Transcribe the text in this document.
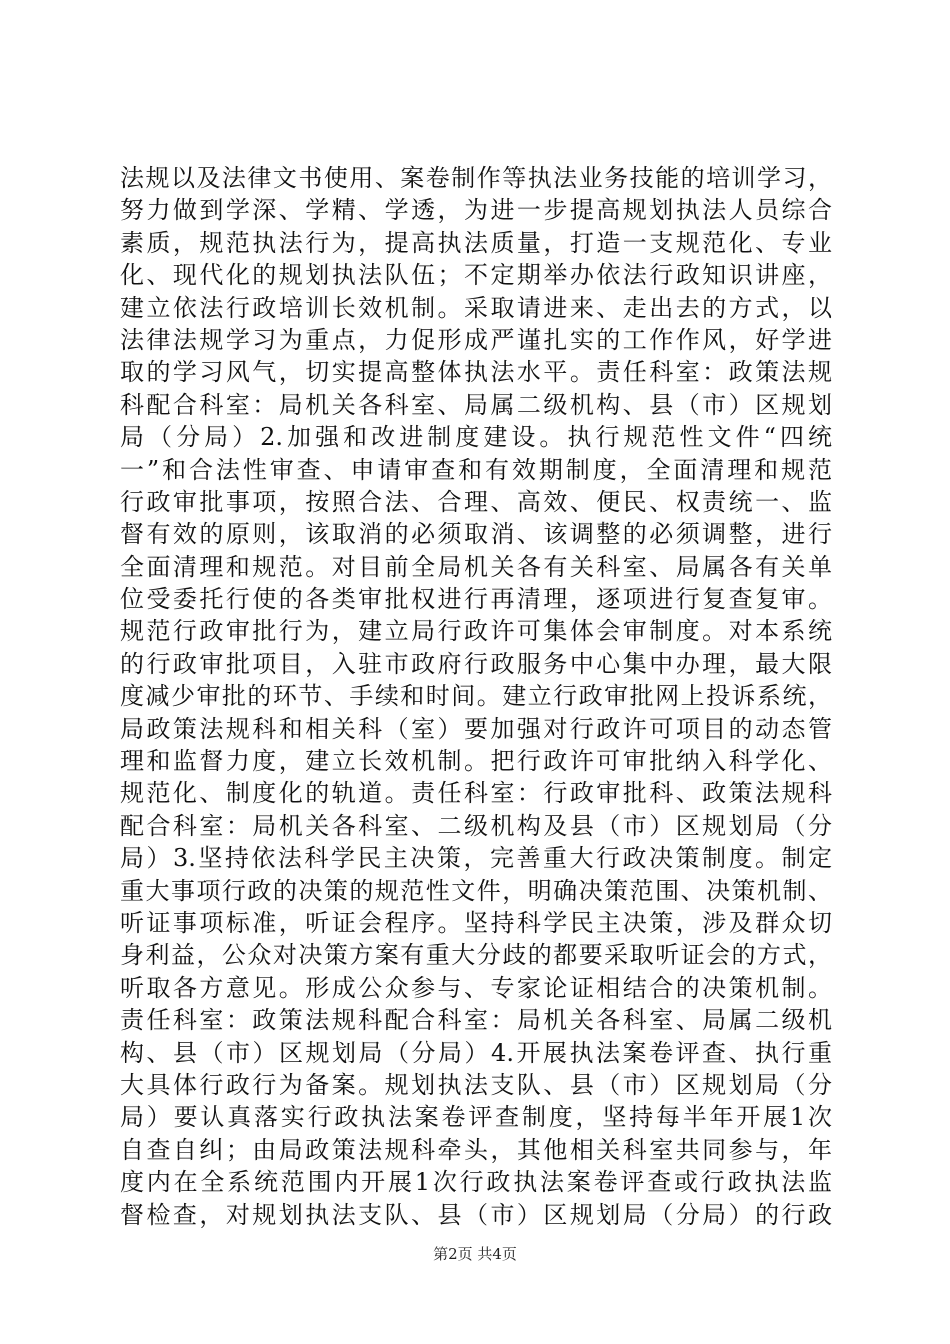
法规以及法律文书使用、案卷制作等执法业务技能的培训学习，
努力做到学深、学精、学透，为进一步提高规划执法人员综合
素质，规范执法行为，提高执法质量，打造一支规范化、专业
化、现代化的规划执法队伍；不定期举办依法行政知识讲座，
建立依法行政培训长效机制。采取请进来、走出去的方式，以
法律法规学习为重点，力促形成严谨扎实的工作作风，好学进
取的学习风气，切实提高整体执法水平。责任科室：政策法规
科配合科室：局机关各科室、局属二级机构、县（市）区规划
局（分局）2.加强和改进制度建设。执行规范性文件“四统
一”和合法性审查、申请审查和有效期制度，全面清理和规范
行政审批事项，按照合法、合理、高效、便民、权责统一、监
督有效的原则，该取消的必须取消、该调整的必须调整，进行
全面清理和规范。对目前全局机关各有关科室、局属各有关单
位受委托行使的各类审批权进行再清理，逐项进行复查复审。
规范行政审批行为，建立局行政许可集体会审制度。对本系统
的行政审批项目，入驻市政府行政服务中心集中办理，最大限
度减少审批的环节、手续和时间。建立行政审批网上投诉系统，
局政策法规科和相关科（室）要加强对行政许可项目的动态管
理和监督力度，建立长效机制。把行政许可审批纳入科学化、
规范化、制度化的轨道。责任科室：行政审批科、政策法规科
配合科室：局机关各科室、二级机构及县（市）区规划局（分
局）3.坚持依法科学民主决策，完善重大行政决策制度。制定
重大事项行政的决策的规范性文件，明确决策范围、决策机制、
听证事项标准，听证会程序。坚持科学民主决策，涉及群众切
身利益，公众对决策方案有重大分歧的都要采取听证会的方式，
听取各方意见。形成公众参与、专家论证相结合的决策机制。
责任科室：政策法规科配合科室：局机关各科室、局属二级机
构、县（市）区规划局（分局）4.开展执法案卷评查、执行重
大具体行政行为备案。规划执法支队、县（市）区规划局（分
局）要认真落实行政执法案卷评查制度，坚持每半年开展1次
自查自纠；由局政策法规科牵头，其他相关科室共同参与，年
度内在全系统范围内开展1次行政执法案卷评查或行政执法监
督检查，对规划执法支队、县（市）区规划局（分局）的行政
第2页 共4页
